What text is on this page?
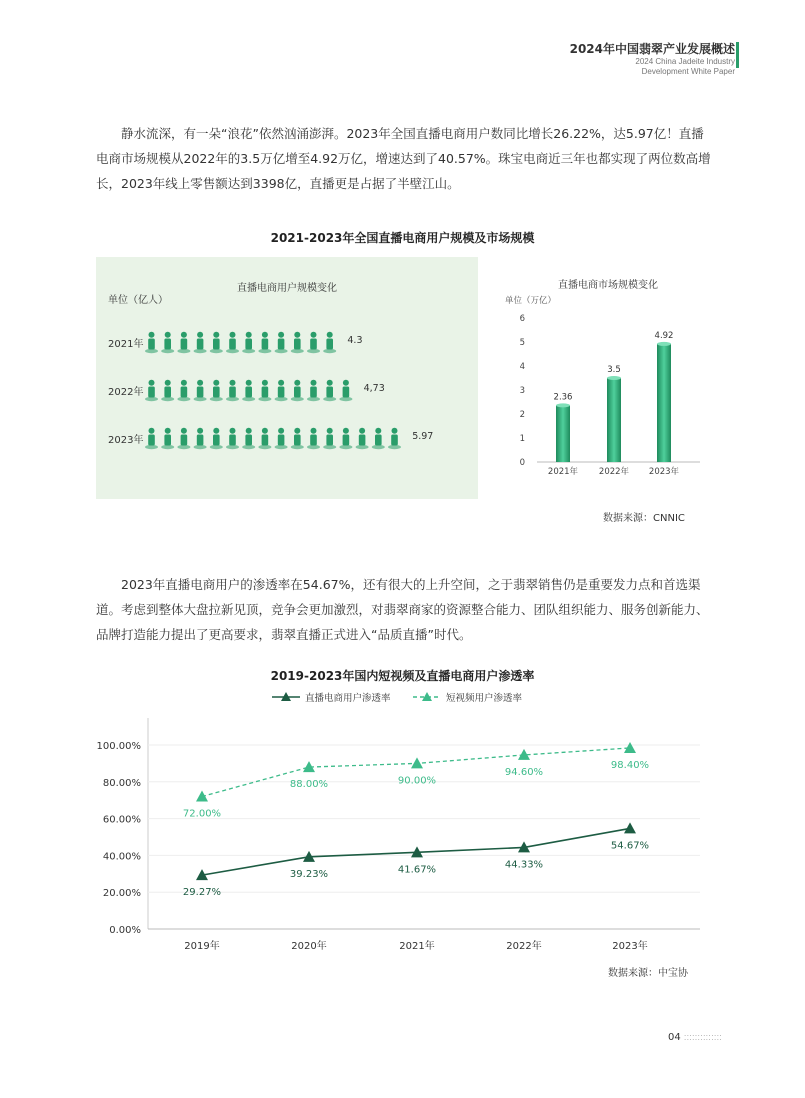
2024年中国翡翠产业发展概述
2024 China Jadeite Industry
Development White Paper
静水流深，有一朵“浪花”依然汹涌澎湃。2023年全国直播电商用户数同比增长26.22%，达5.97亿！直播电商市场规模从2022年的3.5万亿增至4.92万亿，增速达到了40.57%。珠宝电商近三年也都实现了两位数高增长，2023年线上零售额达到3398亿，直播更是占据了半壁江山。
2021-2023年全国直播电商用户规模及市场规模
直播电商用户规模变化
单位（亿人）
2021年	4.3
2022年	4,73
2023年	5.97
直播电商市场规模变化
单位（万亿）
0
1
2
3
4
5
6
2.36
2021年
3.5
2022年
4.92
2023年
数据来源：CNNIC
2023年直播电商用户的渗透率在54.67%，还有很大的上升空间，之于翡翠销售仍是重要发力点和首选渠道。考虑到整体大盘拉新见顶，竞争会更加激烈，对翡翠商家的资源整合能力、团队组织能力、服务创新能力、品牌打造能力提出了更高要求，翡翠直播正式进入“品质直播”时代。
2019-2023年国内短视频及直播电商用户渗透率
直播电商用户渗透率	短视频用户渗透率
0.00%
20.00%
40.00%
60.00%
80.00%
100.00%
2019年	2020年	2021年	2022年	2023年
29.27%
39.23%	41.67%	44.33%
54.67%
72.00%
88.00%	90.00%
94.60%
98.40%
数据来源：中宝协
04 ⁚⁚⁚⁚⁚⁚⁚⁚⁚⁚⁚⁚⁚⁚
